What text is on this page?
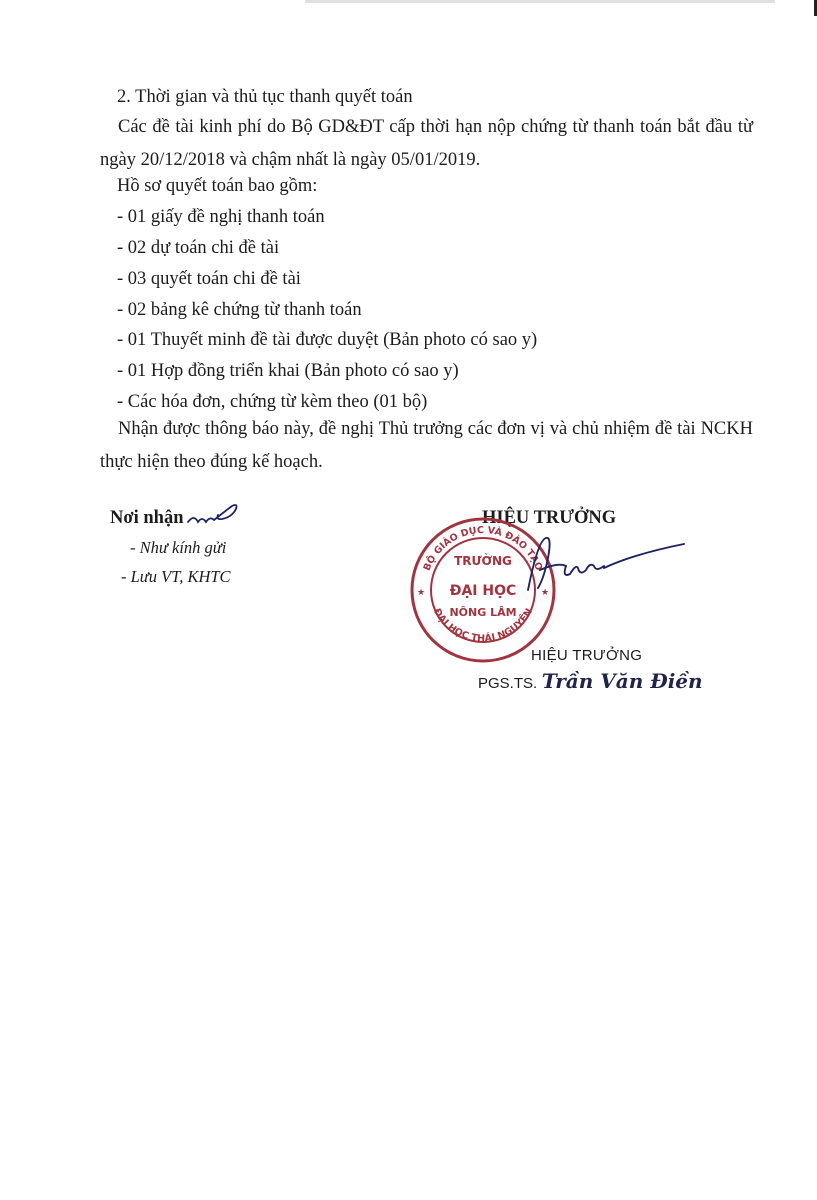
2. Thời gian và thủ tục thanh quyết toán
Các đề tài kinh phí do Bộ GD&ĐT cấp thời hạn nộp chứng từ thanh toán bắt đầu từ ngày 20/12/2018 và chậm nhất là ngày 05/01/2019.
Hồ sơ quyết toán bao gồm:
- 01 giấy đề nghị thanh toán
- 02 dự toán chi đề tài
- 03 quyết toán chi đề tài
- 02 bảng kê chứng từ thanh toán
- 01 Thuyết minh đề tài được duyệt (Bản photo có sao y)
- 01 Hợp đồng triển khai (Bản photo có sao y)
- Các hóa đơn, chứng từ kèm theo (01 bộ)
Nhận được thông báo này, đề nghị Thủ trưởng các đơn vị và chủ nhiệm đề tài NCKH thực hiện theo đúng kế hoạch.
Nơi nhận
- Như kính gửi
- Lưu VT, KHTC
HIỆU TRƯỞNG
TRƯỜNG
ĐẠI HỌC
NÔNG LÂM
★	★
BỘ GIÁO DỤC VÀ ĐÀO TẠO
ĐẠI HỌC THÁI NGUYÊN
HIỆU TRƯỞNG
PGS.TS. Trần Văn Điền
